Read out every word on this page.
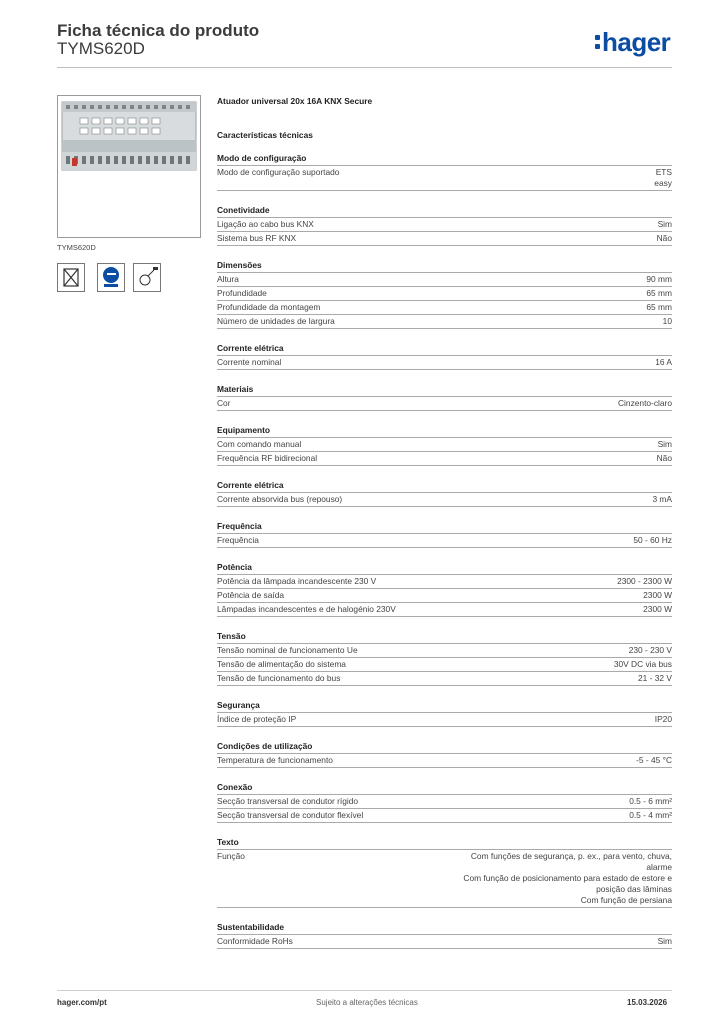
Ficha técnica do produto
TYMS620D	hager
TYMS620D
Atuador universal 20x 16A KNX Secure
Características técnicas
Modo de configuração
Modo de configuração suportado	ETS
easy
Conetividade
Ligação ao cabo bus KNX	Sim
Sistema bus RF KNX	Não
Dimensões
Altura	90 mm
Profundidade	65 mm
Profundidade da montagem	65 mm
Número de unidades de largura	10
Corrente elétrica
Corrente nominal	16 A
Materiais
Cor	Cinzento-claro
Equipamento
Com comando manual	Sim
Frequência RF bidirecional	Não
Corrente elétrica
Corrente absorvida bus (repouso)	3 mA
Frequência
Frequência	50 - 60 Hz
Potência
Potência da lâmpada incandescente 230 V	2300 - 2300 W
Potência de saída	2300 W
Lâmpadas incandescentes e de halogénio 230V	2300 W
Tensão
Tensão nominal de funcionamento Ue	230 - 230 V
Tensão de alimentação do sistema	30V DC via bus
Tensão de funcionamento do bus	21 - 32 V
Segurança
Índice de proteção IP	IP20
Condições de utilização
Temperatura de funcionamento	-5 - 45 °C
Conexão
Secção transversal de condutor rígido	0.5 - 6 mm²
Secção transversal de condutor flexível	0.5 - 4 mm²
Texto
Função	Com funções de segurança, p. ex., para vento, chuva,
alarme
Com função de posicionamento para estado de estore e
posição das lâminas
Com função de persiana
Sustentabilidade
Conformidade RoHs	Sim
hager.com/pt	Sujeito a alterações técnicas	15.03.2026
